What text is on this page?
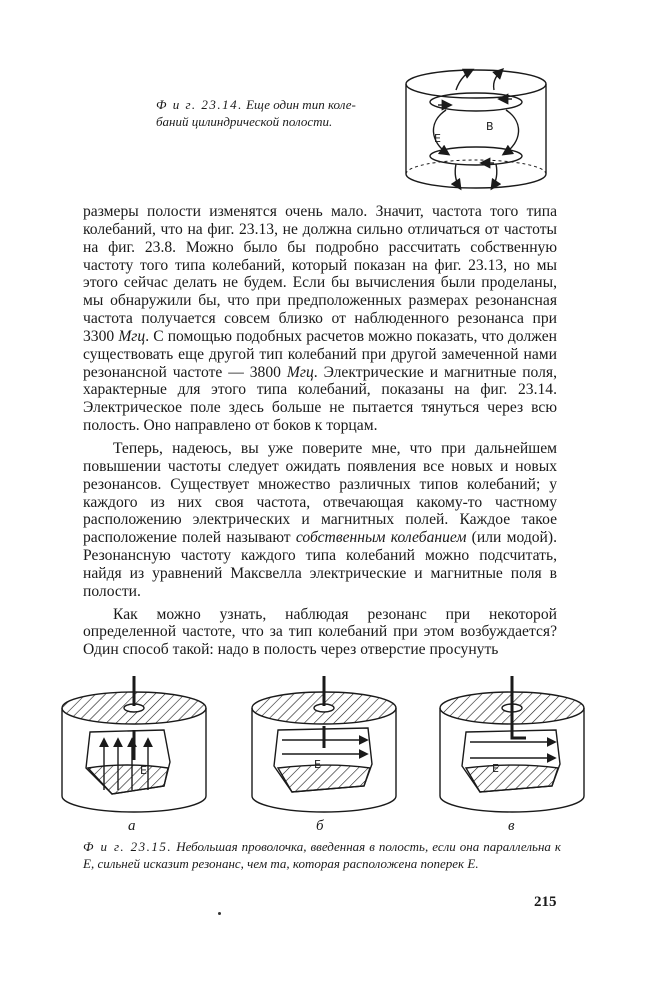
Ф и г. 23.14. Еще один тип коле-
баний цилиндрической полости.	B
E

размеры полости изменятся очень мало. Значит, частота того типа колебаний, что на фиг. 23.13, не должна сильно отличаться от частоты на фиг. 23.8. Можно было бы подробно рассчитать собственную частоту того типа колебаний, который показан на фиг. 23.13, но мы этого сейчас делать не будем. Если бы вычисления были проделаны, мы обнаружили бы, что при предположенных размерах резонансная частота получается совсем близко от наблюденного резонанса при 3300 Мгц. С помощью подобных расчетов можно показать, что должен существовать еще другой тип колебаний при другой замеченной нами резонансной частоте — 3800 Мгц. Электрические и магнитные поля, характерные для этого типа колебаний, показаны на фиг. 23.14. Электрическое поле здесь больше не пытается тянуться через всю полость. Оно направлено от боков к торцам.

Теперь, надеюсь, вы уже поверите мне, что при дальнейшем повышении частоты следует ожидать появления все новых и новых резонансов. Существует множество различных типов колебаний; у каждого из них своя частота, отвечающая какому-то частному расположению электрических и магнитных полей. Каждое такое расположение полей называют собственным колебанием (или модой). Резонансную частоту каждого типа колебаний можно подсчитать, найдя из уравнений Максвелла электрические и магнитные поля в полости.

Как можно узнать, наблюдая резонанс при некоторой определенной частоте, что за тип колебаний при этом возбуждается? Один способ такой: надо в полость через отверстие просунуть

E	E	E
а	б	в
Ф и г. 23.15. Небольшая проволочка, введенная в полость, если она параллельна к E, сильней исказит резонанс, чем та, которая расположена поперек E.
215
